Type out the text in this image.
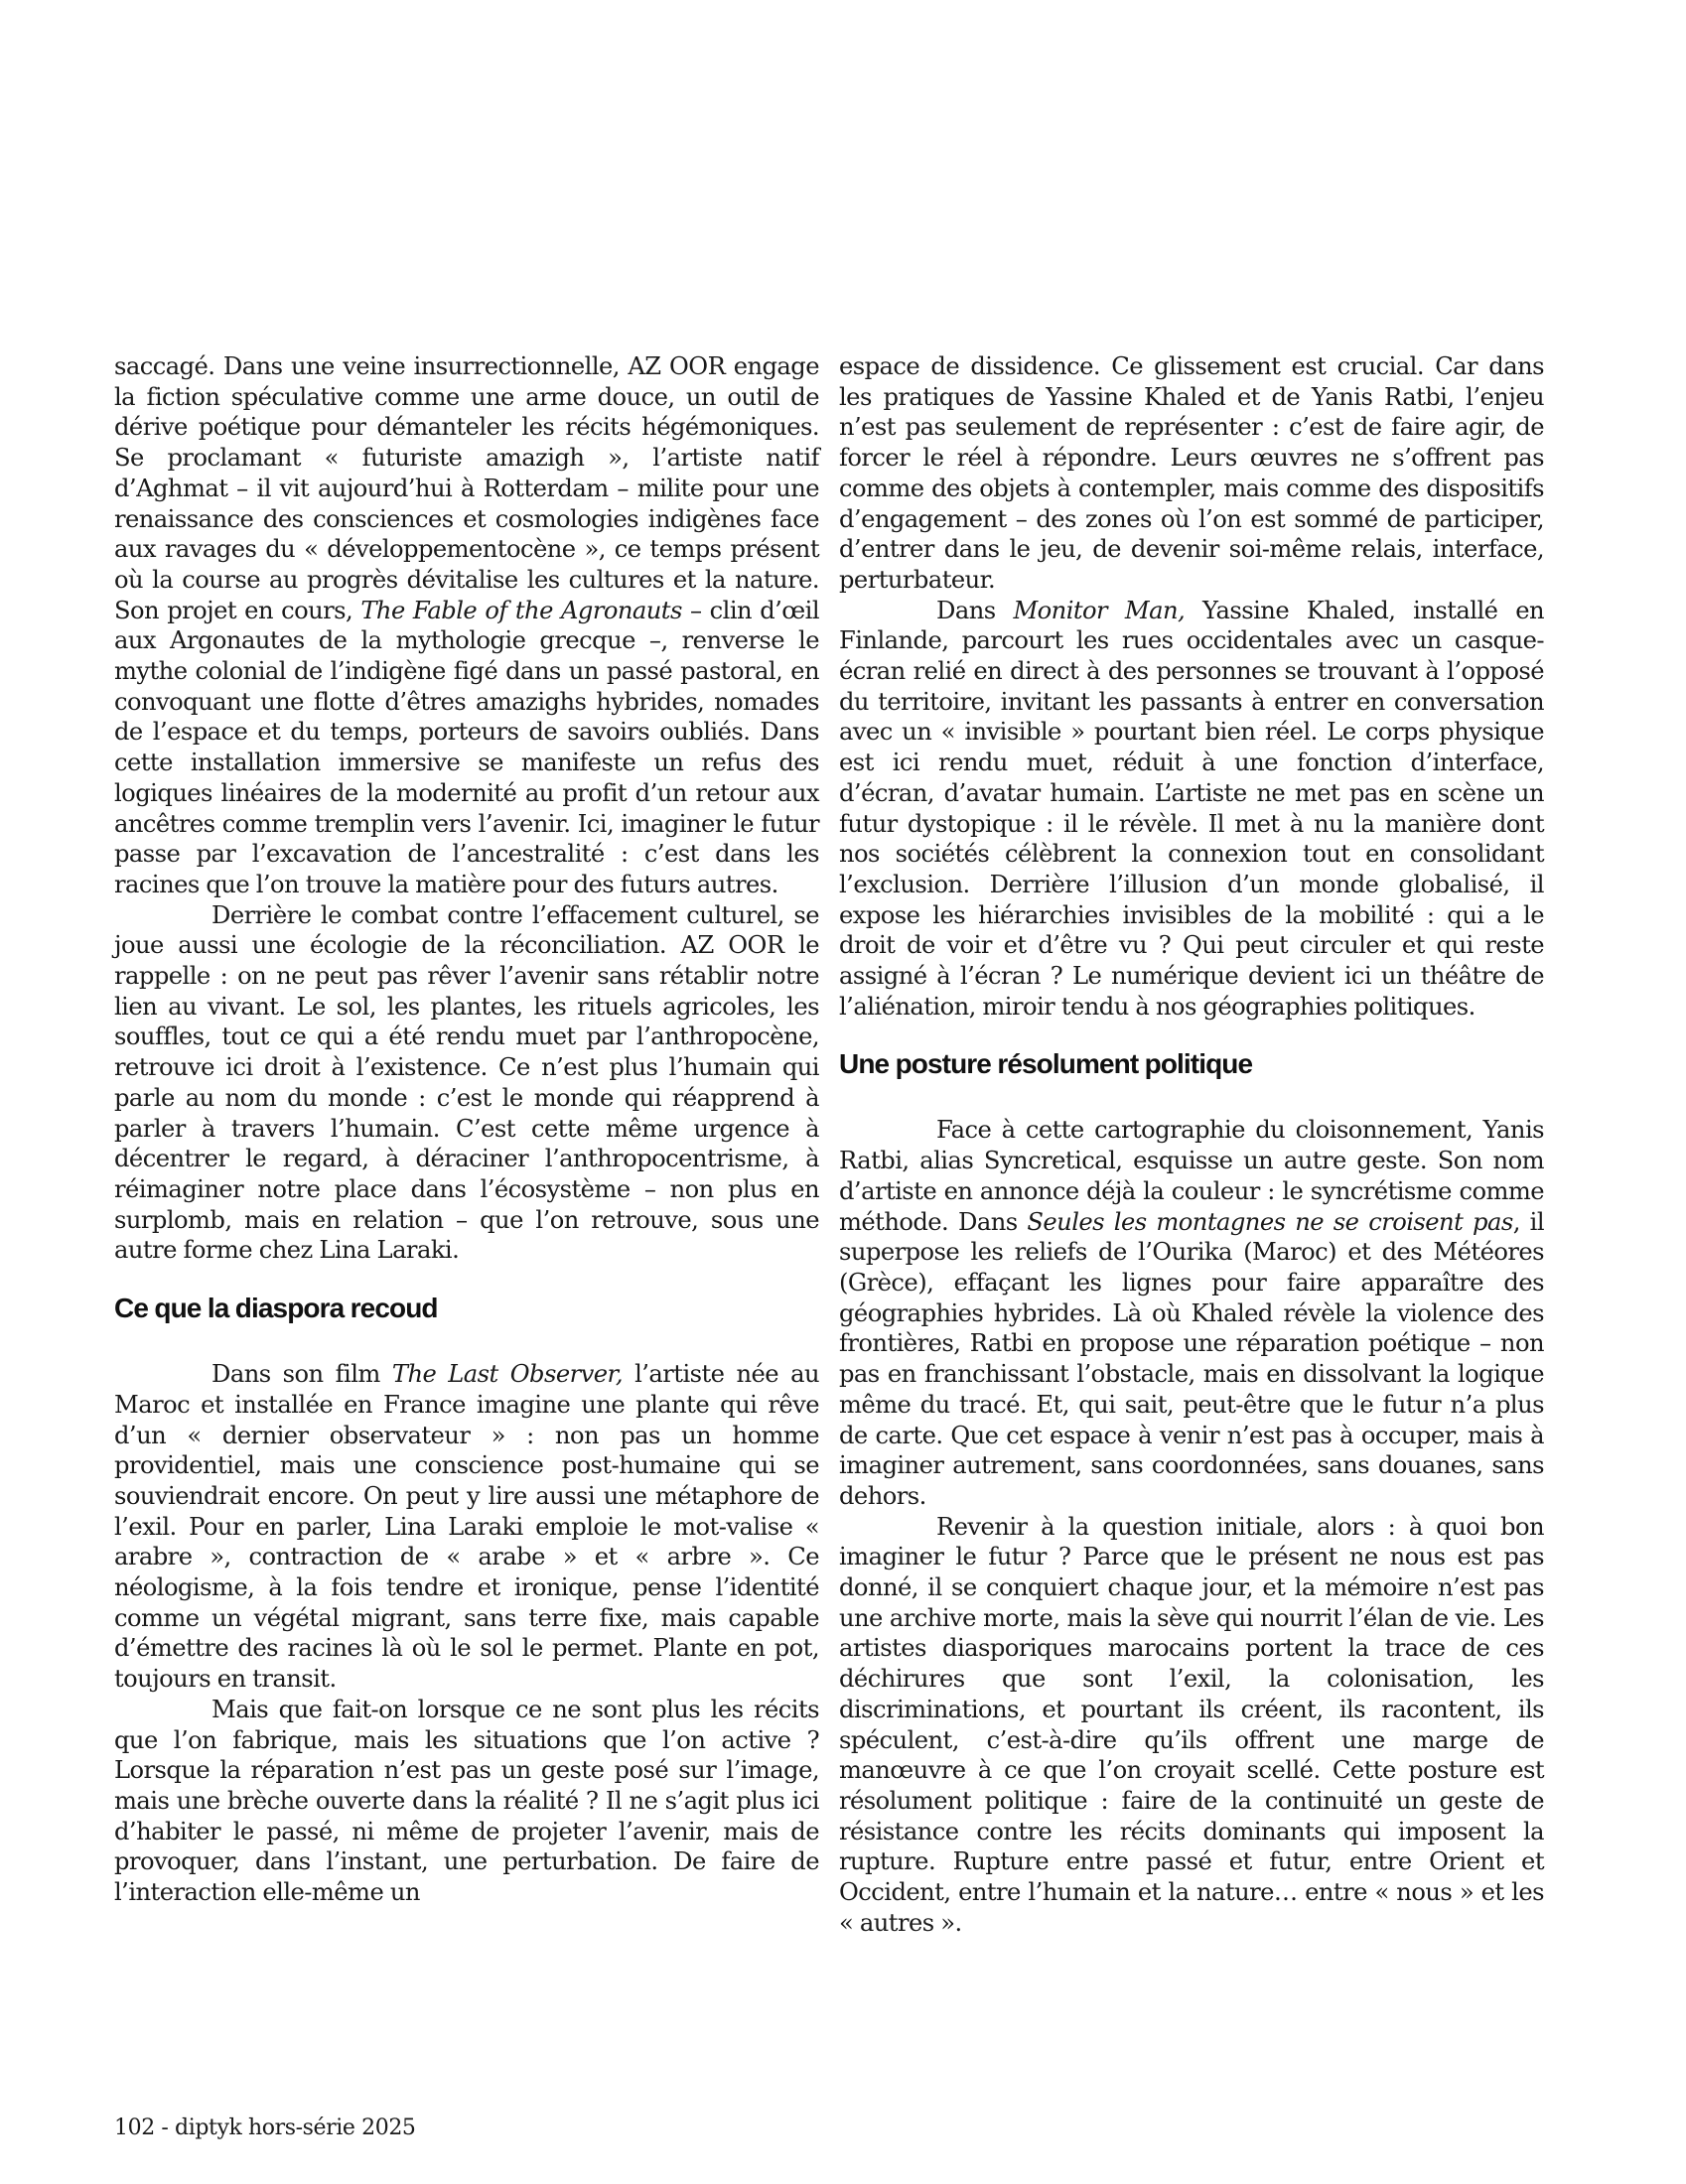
saccagé. Dans une veine insurrectionnelle, AZ OOR engage la fiction spéculative comme une arme douce, un outil de dérive poétique pour démanteler les récits hégémoniques. Se proclamant « futuriste amazigh », l’artiste natif d’Aghmat – il vit aujourd’hui à Rotterdam – milite pour une renaissance des consciences et cosmologies indigènes face aux ravages du « développementocène », ce temps présent où la course au progrès dévitalise les cultures et la nature. Son projet en cours, The Fable of the Agronauts – clin d’œil aux Argonautes de la mythologie grecque –, renverse le mythe colonial de l’indigène figé dans un passé pastoral, en convoquant une flotte d’êtres amazighs hybrides, nomades de l’espace et du temps, porteurs de savoirs oubliés. Dans cette installation immersive se manifeste un refus des logiques linéaires de la modernité au profit d’un retour aux ancêtres comme tremplin vers l’avenir. Ici, imaginer le futur passe par l’excavation de l’ancestralité : c’est dans les racines que l’on trouve la matière pour des futurs autres.

Derrière le combat contre l’effacement culturel, se joue aussi une écologie de la réconciliation. AZ OOR le rappelle : on ne peut pas rêver l’avenir sans rétablir notre lien au vivant. Le sol, les plantes, les rituels agricoles, les souffles, tout ce qui a été rendu muet par l’anthropocène, retrouve ici droit à l’existence. Ce n’est plus l’humain qui parle au nom du monde : c’est le monde qui réapprend à parler à travers l’humain. C’est cette même urgence à décentrer le regard, à déraciner l’anthropocentrisme, à réimaginer notre place dans l’écosystème – non plus en surplomb, mais en relation – que l’on retrouve, sous une autre forme chez Lina Laraki.

Ce que la diaspora recoud

Dans son film The Last Observer, l’artiste née au Maroc et installée en France imagine une plante qui rêve d’un « dernier observateur » : non pas un homme providentiel, mais une conscience post-humaine qui se souviendrait encore. On peut y lire aussi une métaphore de l’exil. Pour en parler, Lina Laraki emploie le mot-valise « arabre », contraction de « arabe » et « arbre ». Ce néologisme, à la fois tendre et ironique, pense l’identité comme un végétal migrant, sans terre fixe, mais capable d’émettre des racines là où le sol le permet. Plante en pot, toujours en transit.

Mais que fait-on lorsque ce ne sont plus les récits que l’on fabrique, mais les situations que l’on active ? Lorsque la réparation n’est pas un geste posé sur l’image, mais une brèche ouverte dans la réalité ? Il ne s’agit plus ici d’habiter le passé, ni même de projeter l’avenir, mais de provoquer, dans l’instant, une perturbation. De faire de l’interaction elle-même un

espace de dissidence. Ce glissement est crucial. Car dans les pratiques de Yassine Khaled et de Yanis Ratbi, l’enjeu n’est pas seulement de représenter : c’est de faire agir, de forcer le réel à répondre. Leurs œuvres ne s’offrent pas comme des objets à contempler, mais comme des dispositifs d’engagement – des zones où l’on est sommé de participer, d’entrer dans le jeu, de devenir soi-même relais, interface, perturbateur.

Dans Monitor Man, Yassine Khaled, installé en Finlande, parcourt les rues occidentales avec un casque-écran relié en direct à des personnes se trouvant à l’opposé du territoire, invitant les passants à entrer en conversation avec un « invisible » pourtant bien réel. Le corps physique est ici rendu muet, réduit à une fonction d’interface, d’écran, d’avatar humain. L’artiste ne met pas en scène un futur dystopique : il le révèle. Il met à nu la manière dont nos sociétés célèbrent la connexion tout en consolidant l’exclusion. Derrière l’illusion d’un monde globalisé, il expose les hiérarchies invisibles de la mobilité : qui a le droit de voir et d’être vu ? Qui peut circuler et qui reste assigné à l’écran ? Le numérique devient ici un théâtre de l’aliénation, miroir tendu à nos géographies politiques.

Une posture résolument politique

Face à cette cartographie du cloisonnement, Yanis Ratbi, alias Syncretical, esquisse un autre geste. Son nom d’artiste en annonce déjà la couleur : le syncrétisme comme méthode. Dans Seules les montagnes ne se croisent pas, il superpose les reliefs de l’Ourika (Maroc) et des Météores (Grèce), effaçant les lignes pour faire apparaître des géographies hybrides. Là où Khaled révèle la violence des frontières, Ratbi en propose une réparation poétique – non pas en franchissant l’obstacle, mais en dissolvant la logique même du tracé. Et, qui sait, peut-être que le futur n’a plus de carte. Que cet espace à venir n’est pas à occuper, mais à imaginer autrement, sans coordonnées, sans douanes, sans dehors.

Revenir à la question initiale, alors : à quoi bon imaginer le futur ? Parce que le présent ne nous est pas donné, il se conquiert chaque jour, et la mémoire n’est pas une archive morte, mais la sève qui nourrit l’élan de vie. Les artistes diasporiques marocains portent la trace de ces déchirures que sont l’exil, la colonisation, les discriminations, et pourtant ils créent, ils racontent, ils spéculent, c’est-à-dire qu’ils offrent une marge de manœuvre à ce que l’on croyait scellé. Cette posture est résolument politique : faire de la continuité un geste de résistance contre les récits dominants qui imposent la rupture. Rupture entre passé et futur, entre Orient et Occident, entre l’humain et la nature… entre « nous » et les « autres ».

102 - diptyk hors-série 2025
